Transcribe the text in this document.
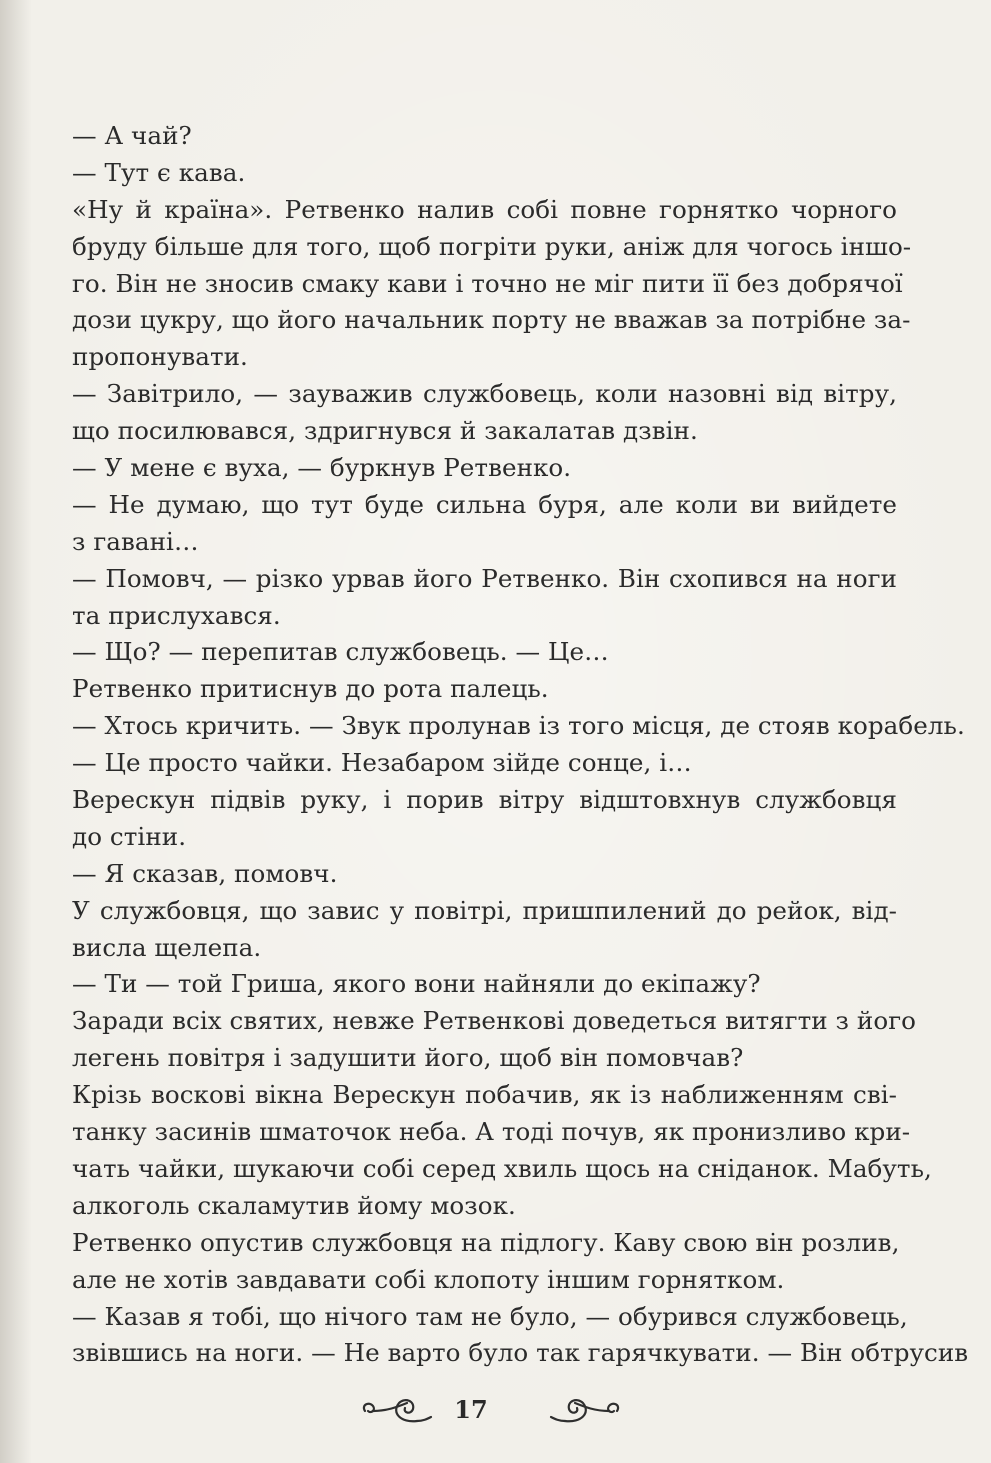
— А чай?
— Тут є кава.
«Ну й країна». Ретвенко налив собі повне горнятко чорного
бруду більше для того, щоб погріти руки, аніж для чогось іншо-
го. Він не зносив смаку кави і точно не міг пити її без добрячої
дози цукру, що його начальник порту не вважав за потрібне за-
пропонувати.
— Завітрило, — зауважив службовець, коли назовні від вітру,
що посилювався, здригнувся й закалатав дзвін.
— У мене є вуха, — буркнув Ретвенко.
— Не думаю, що тут буде сильна буря, але коли ви вийдете
з гавані…
— Помовч, — різко урвав його Ретвенко. Він схопився на ноги
та прислухався.
— Що? — перепитав службовець. — Це…
Ретвенко притиснув до рота палець.
— Хтось кричить. — Звук пролунав із того місця, де стояв корабель.
— Це просто чайки. Незабаром зійде сонце, і…
Верескун підвів руку, і порив вітру відштовхнув службовця
до стіни.
— Я сказав, помовч.
У службовця, що завис у повітрі, пришпилений до рейок, від-
висла щелепа.
— Ти — той Гриша, якого вони найняли до екіпажу?
Заради всіх святих, невже Ретвенкові доведеться витягти з його
легень повітря і задушити його, щоб він помовчав?
Крізь воскові вікна Верескун побачив, як із наближенням сві-
танку засинів шматочок неба. А тоді почув, як пронизливо кри-
чать чайки, шукаючи собі серед хвиль щось на сніданок. Мабуть,
алкоголь скаламутив йому мозок.
Ретвенко опустив службовця на підлогу. Каву свою він розлив,
але не хотів завдавати собі клопоту іншим горнятком.
— Казав я тобі, що нічого там не було, — обурився службовець,
звівшись на ноги. — Не варто було так гарячкувати. — Він обтрусив
17
